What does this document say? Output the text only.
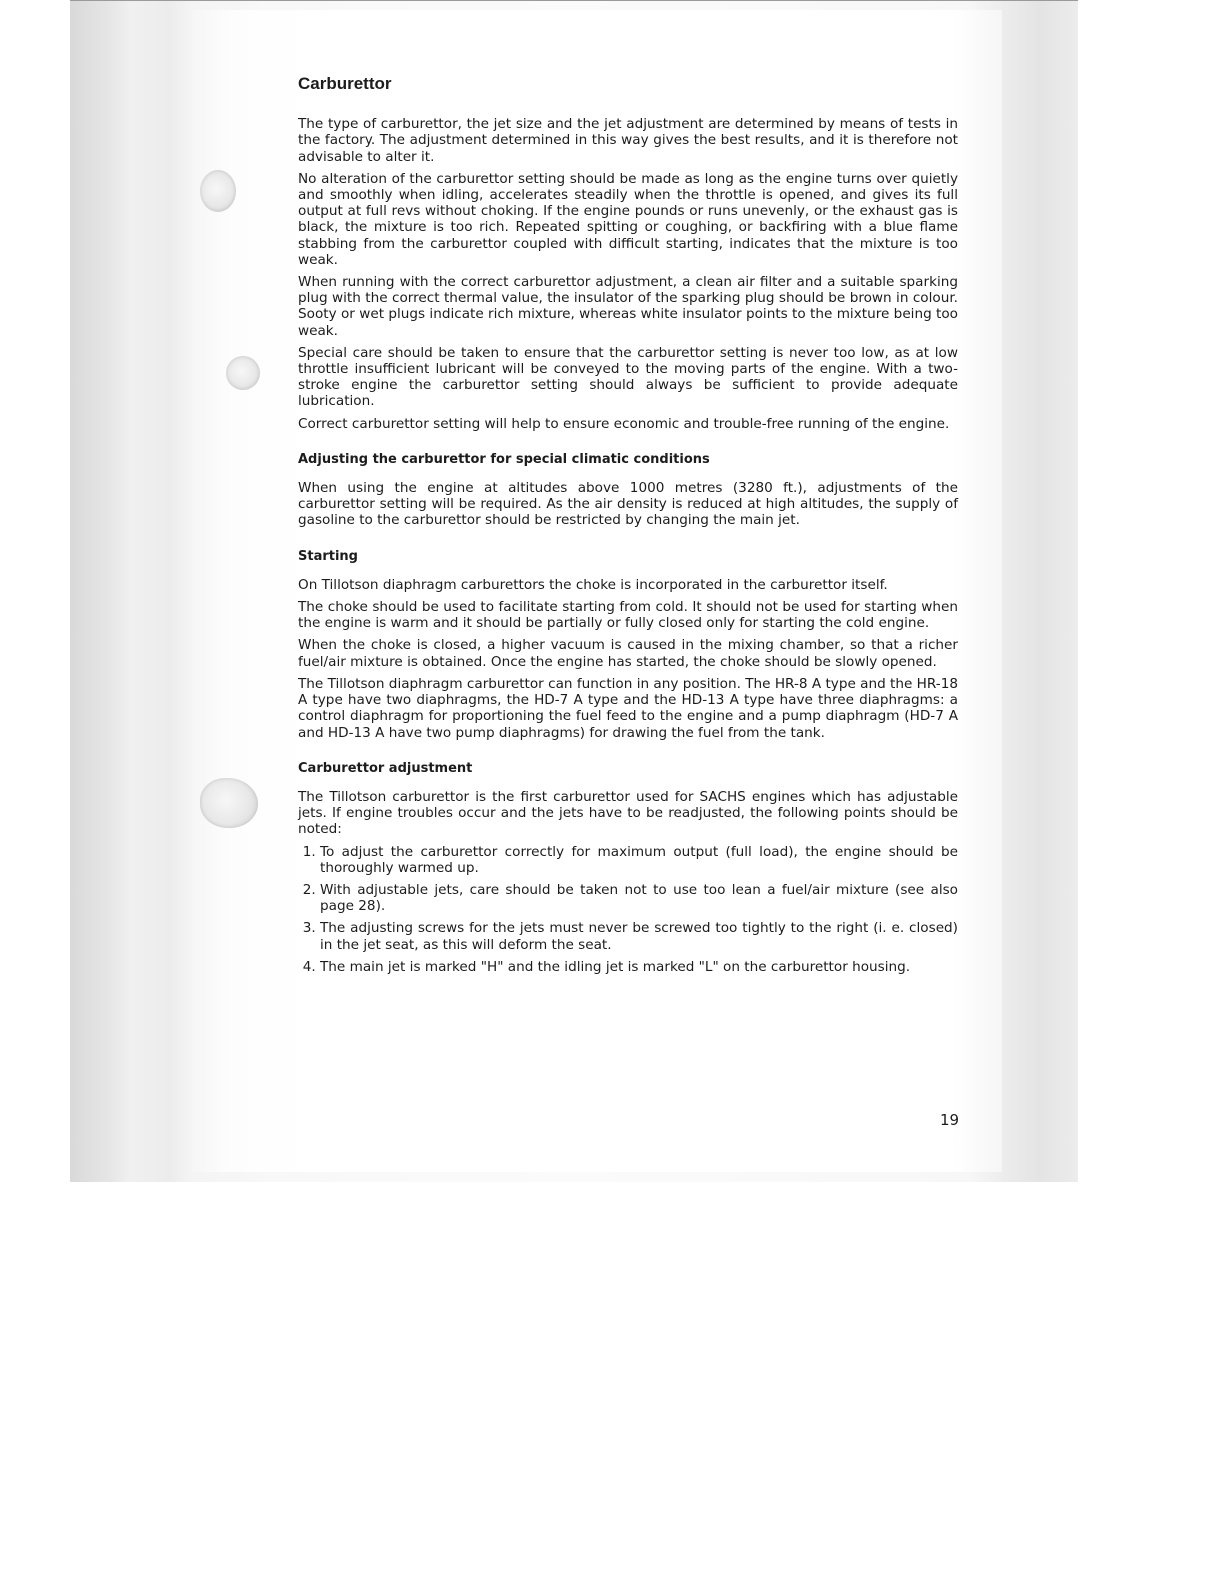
Carburettor

The type of carburettor, the jet size and the jet adjustment are determined by means of tests in the factory. The adjustment determined in this way gives the best results, and it is therefore not advisable to alter it.

No alteration of the carburettor setting should be made as long as the engine turns over quietly and smoothly when idling, accelerates steadily when the throttle is opened, and gives its full output at full revs without choking. If the engine pounds or runs unevenly, or the exhaust gas is black, the mixture is too rich. Repeated spitting or coughing, or backfiring with a blue flame stabbing from the carburettor coupled with difficult starting, indicates that the mixture is too weak.

When running with the correct carburettor adjustment, a clean air filter and a suitable sparking plug with the correct thermal value, the insulator of the sparking plug should be brown in colour. Sooty or wet plugs indicate rich mixture, whereas white insulator points to the mixture being too weak.

Special care should be taken to ensure that the carburettor setting is never too low, as at low throttle insufficient lubricant will be conveyed to the moving parts of the engine. With a two-stroke engine the carburettor setting should always be sufficient to provide adequate lubrication.

Correct carburettor setting will help to ensure economic and trouble-free running of the engine.

Adjusting the carburettor for special climatic conditions

When using the engine at altitudes above 1000 metres (3280 ft.), adjustments of the carburettor setting will be required. As the air density is reduced at high altitudes, the supply of gasoline to the carburettor should be restricted by changing the main jet.

Starting

On Tillotson diaphragm carburettors the choke is incorporated in the carburettor itself.

The choke should be used to facilitate starting from cold. It should not be used for starting when the engine is warm and it should be partially or fully closed only for starting the cold engine.

When the choke is closed, a higher vacuum is caused in the mixing chamber, so that a richer fuel/air mixture is obtained. Once the engine has started, the choke should be slowly opened.

The Tillotson diaphragm carburettor can function in any position. The HR-8 A type and the HR-18 A type have two diaphragms, the HD-7 A type and the HD-13 A type have three diaphragms: a control diaphragm for proportioning the fuel feed to the engine and a pump diaphragm (HD-7 A and HD-13 A have two pump diaphragms) for drawing the fuel from the tank.

Carburettor adjustment

The Tillotson carburettor is the first carburettor used for SACHS engines which has adjustable jets. If engine troubles occur and the jets have to be readjusted, the following points should be noted:

1. To adjust the carburettor correctly for maximum output (full load), the engine should be thoroughly warmed up.
2. With adjustable jets, care should be taken not to use too lean a fuel/air mixture (see also page 28).
3. The adjusting screws for the jets must never be screwed too tightly to the right (i. e. closed) in the jet seat, as this will deform the seat.
4. The main jet is marked "H" and the idling jet is marked "L" on the carburettor housing.
19
